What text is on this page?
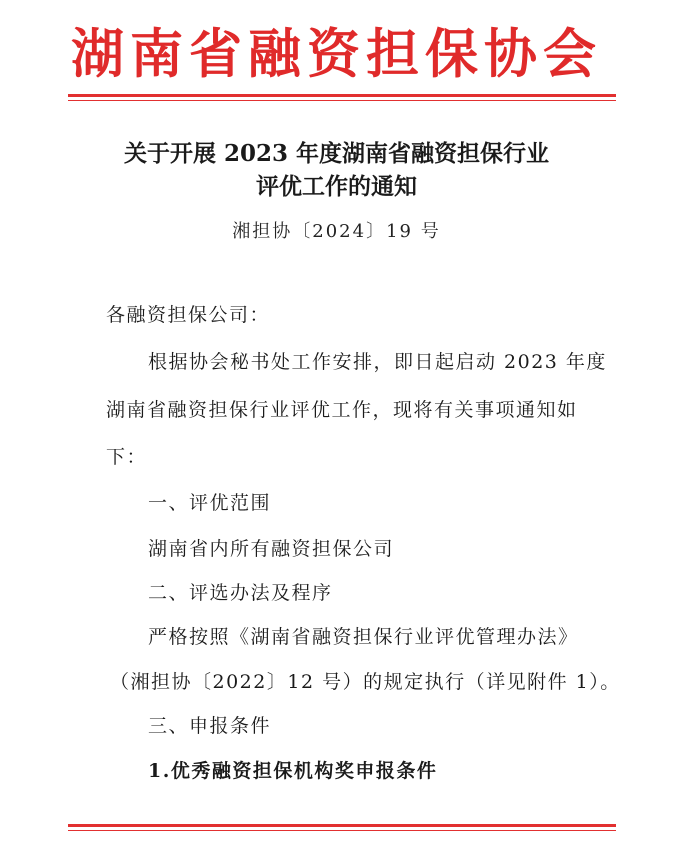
湖南省融资担保协会
关于开展 2023 年度湖南省融资担保行业
评优工作的通知
湘担协〔2024〕19 号
各融资担保公司：
根据协会秘书处工作安排，即日起启动 2023 年度
湖南省融资担保行业评优工作，现将有关事项通知如
下：
一、评优范围
湖南省内所有融资担保公司
二、评选办法及程序
严格按照《湖南省融资担保行业评优管理办法》
（湘担协〔2022〕12 号）的规定执行（详见附件 1）。
三、申报条件
1.优秀融资担保机构奖申报条件
